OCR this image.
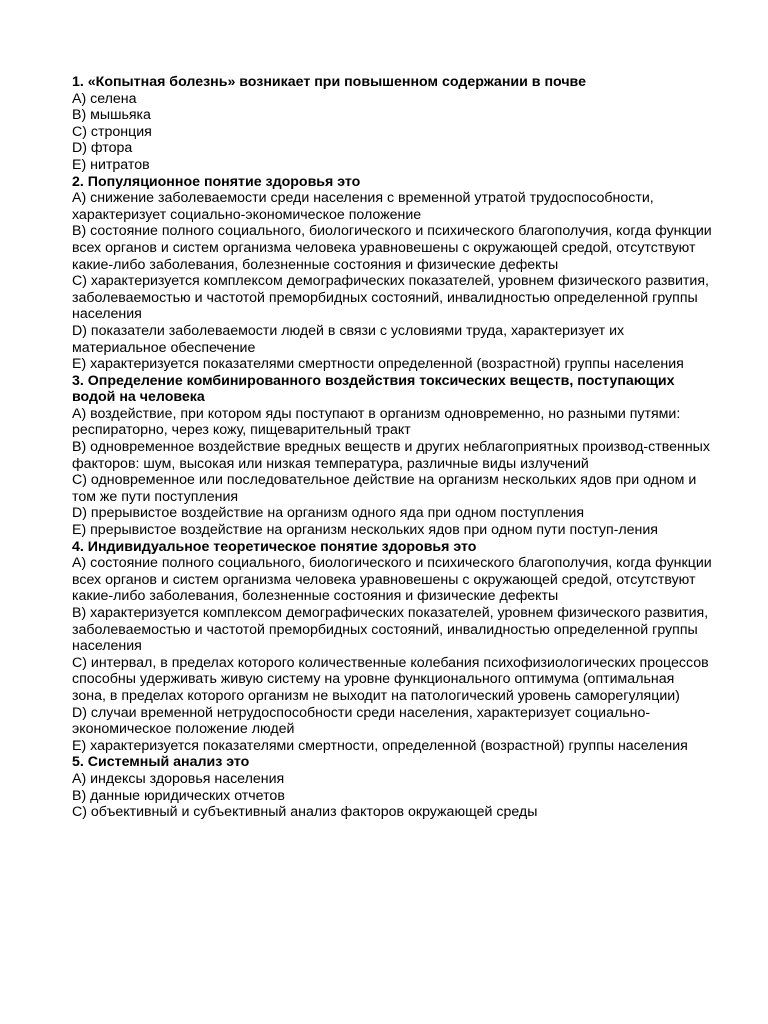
1. «Копытная болезнь» возникает при повышенном содержании в почве
A) селена
B) мышьяка
C) стронция
D) фтора
E) нитратов
2. Популяционное понятие здоровья это
A) снижение заболеваемости среди населения с временной утратой трудоспособности, характеризует социально-экономическое положение
B) состояние полного социального, биологического и психического благополучия, когда функции всех органов и систем организма человека уравновешены с окружающей средой, отсутствуют какие-либо заболевания, болезненные состояния и физические дефекты
C) характеризуется комплексом демографических показателей, уровнем физического развития, заболеваемостью и частотой преморбидных состояний, инвалидностью определенной группы населения
D) показатели заболеваемости людей в связи с условиями труда, характеризует их материальное обеспечение
E) характеризуется показателями смертности определенной (возрастной) группы населения
3. Определение комбинированного воздействия токсических веществ, поступающих водой на человека
A) воздействие, при котором яды поступают в организм одновременно, но разными путями: респираторно, через кожу, пищеварительный тракт
B) одновременное воздействие вредных веществ и других неблагоприятных производ-ственных факторов: шум, высокая или низкая температура, различные виды излучений
C) одновременное или последовательное действие на организм нескольких ядов при одном и том же пути поступления
D) прерывистое воздействие на организм одного яда при одном поступления
E) прерывистое воздействие на организм нескольких ядов при одном пути поступ-ления
4. Индивидуальное теоретическое понятие здоровья это
A) состояние полного социального, биологического и психического благополучия, когда функции всех органов и систем организма человека уравновешены с окружающей средой, отсутствуют какие-либо заболевания, болезненные состояния и физические дефекты
B) характеризуется комплексом демографических показателей, уровнем физического развития, заболеваемостью и частотой преморбидных состояний, инвалидностью определенной группы населения
C) интервал, в пределах которого количественные колебания психофизиологических процессов способны удерживать живую систему на уровне функционального оптимума (оптимальная зона, в пределах которого организм не выходит на патологический уровень саморегуляции)
D) случаи временной нетрудоспособности среди населения, характеризует социально-экономическое положение людей
E) характеризуется показателями смертности, определенной (возрастной) группы населения
5. Системный анализ это
A) индексы здоровья населения
B) данные юридических отчетов
C) объективный и субъективный анализ факторов окружающей среды
